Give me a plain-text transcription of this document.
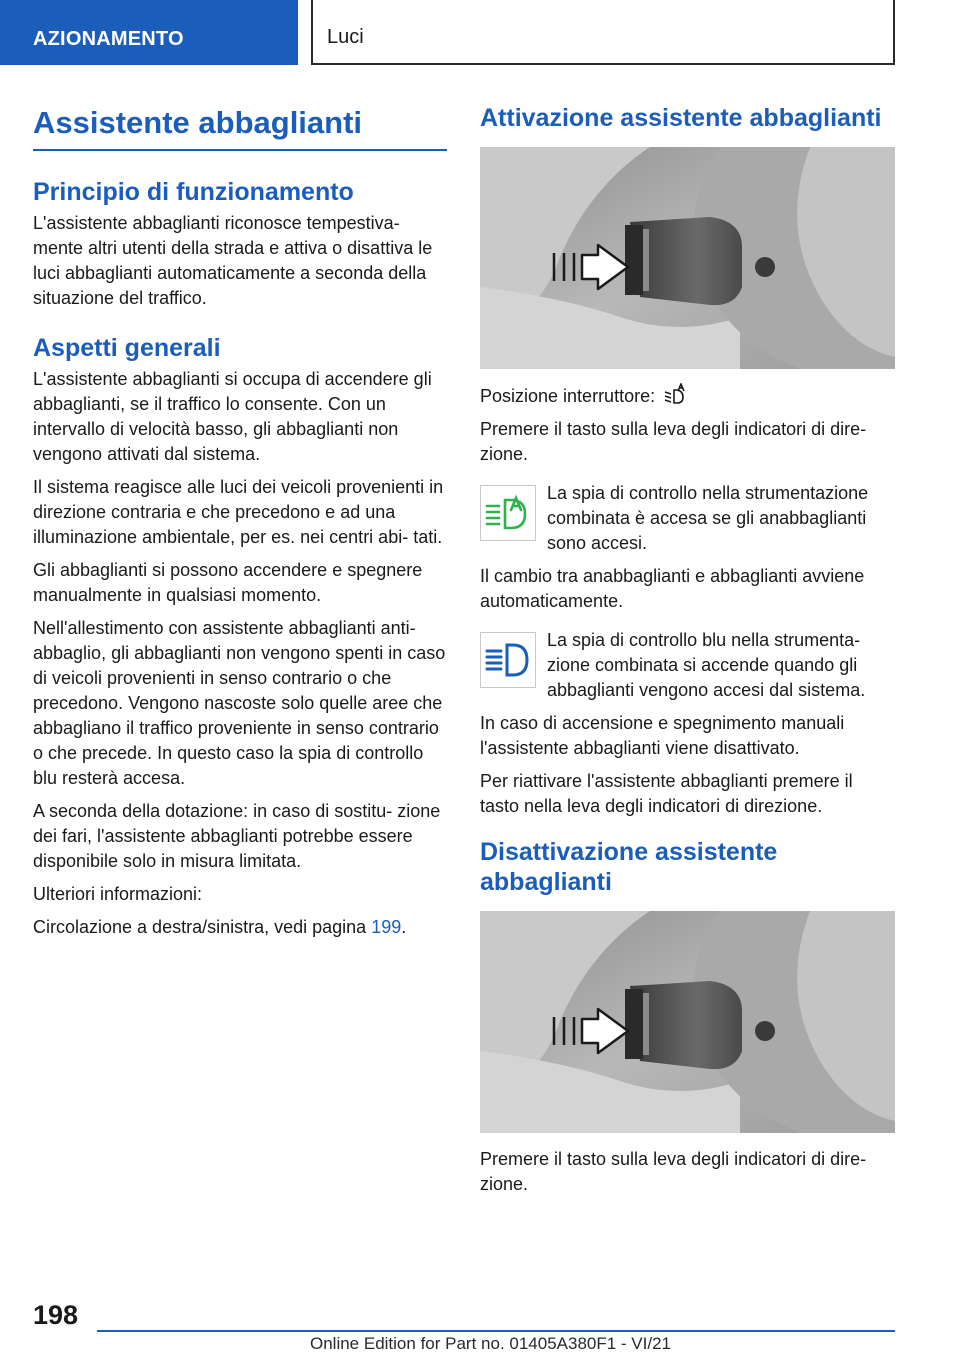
AZIONAMENTO	Luci
Assistente abbaglianti
Principio di funzionamento

L'assistente abbaglianti riconosce tempestiva‐ mente altri utenti della strada e attiva o disattiva le luci abbaglianti automaticamente a seconda della situazione del traffico.

Aspetti generali

L'assistente abbaglianti si occupa di accendere gli abbaglianti, se il traffico lo consente. Con un intervallo di velocità basso, gli abbaglianti non vengono attivati dal sistema.

Il sistema reagisce alle luci dei veicoli provenienti in direzione contraria e che precedono e ad una illuminazione ambientale, per es. nei centri abi‐ tati.

Gli abbaglianti si possono accendere e spegnere manualmente in qualsiasi momento.

Nell'allestimento con assistente abbaglianti anti‐ abbaglio, gli abbaglianti non vengono spenti in caso di veicoli provenienti in senso contrario o che precedono. Vengono nascoste solo quelle aree che abbagliano il traffico proveniente in senso contrario o che precede. In questo caso la spia di controllo blu resterà accesa.

A seconda della dotazione: in caso di sostitu‐ zione dei fari, l'assistente abbaglianti potrebbe essere disponibile solo in misura limitata.

Ulteriori informazioni:

Circolazione a destra/sinistra, vedi pagina 199.

Attivazione assistente abbaglianti

Posizione interruttore:

Premere il tasto sulla leva degli indicatori di dire‐ zione.

La spia di controllo nella strumentazione combinata è accesa se gli anabbaglianti sono accesi.

Il cambio tra anabbaglianti e abbaglianti avviene automaticamente.

La spia di controllo blu nella strumenta‐ zione combinata si accende quando gli abbaglianti vengono accesi dal sistema.

In caso di accensione e spegnimento manuali l'assistente abbaglianti viene disattivato.

Per riattivare l'assistente abbaglianti premere il tasto nella leva degli indicatori di direzione.

Disattivazione assistente abbaglianti

Premere il tasto sulla leva degli indicatori di dire‐ zione.

198
Online Edition for Part no. 01405A380F1 - VI/21
